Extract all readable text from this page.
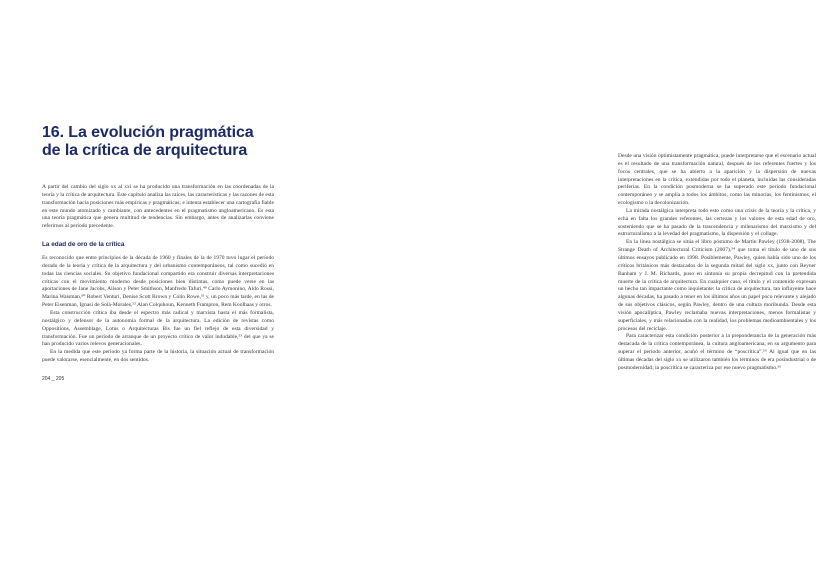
16. La evolución pragmática
de la crítica de arquitectura

A partir del cambio del siglo xx al xxi se ha producido una transformación en las coordenadas de la teoría y la crítica de arquitectura. Este capítulo analiza las raíces, las características y las razones de esta transformación hacia posiciones más empíricas y pragmáticas; e intenta establecer una cartografía fiable en este mundo atomizado y cambiante, con antecedentes en el pragmatismo angloamericano. Es esta una teoría pragmática que genera multitud de tendencias. Sin embargo, antes de analizarlas conviene referirnos al período precedente.

La edad de oro de la crítica

Es reconocido que entre principios de la década de 1960 y finales de la de 1970 tuvo lugar el período dorado de la teoría y crítica de la arquitectura y del urbanismo contemporáneos, tal como sucedió en todas las ciencias sociales. Su objetivo fundacional compartido era construir diversas interpretaciones críticas con el movimiento moderno desde posiciones bien distintas, como puede verse en las aportaciones de Jane Jacobs, Alison y Peter Smithson, Manfredo Tafuri,⁴⁹ Carlo Aymonino, Aldo Rossi, Marina Waisman,⁵⁰ Robert Venturi, Denise Scott Brown y Colin Rowe,⁵¹ y, un poco más tarde, en las de Peter Eisenman, Ignasi de Solà-Morales,⁵² Alan Colquhoun, Kenneth Frampton, Rem Koolhaas y otros.

Esta construcción crítica iba desde el espectro más radical y marxista hasta el más formalista, nostálgico y defensor de la autonomía formal de la arquitectura. La edición de revistas como Oppositions, Assemblage, Lotus o Arquitecturas Bis fue un fiel reflejo de esta diversidad y transformación. Fue un período de arranque de un proyecto crítico de valor indudable,⁵³ del que ya se han producido varios relevos generacionales.

En la medida que este período ya forma parte de la historia, la situación actual de transformación puede valorarse, esencialmente, en dos sentidos.

204 _ 205

Desde una visión optimistamente pragmática, puede interpretarse que el escenario actual es el resultado de una transformación natural, después de los referentes fuertes y los focos centrales, que se ha abierto a la aparición y la dispersión de nuevas interpretaciones en la crítica, extendidas por todo el planeta, incluidas las consideradas periferias. En la condición posmoderna se ha superado este período fundacional contemporáneo y se amplía a todos los ámbitos, como las minorías, los feminismos, el ecologismo o la decolonización.

La mirada nostálgica interpreta todo esto como una crisis de la teoría y la crítica, y echa en falta los grandes referentes, las certezas y los valores de esta edad de oro, sosteniendo que se ha pasado de la trascendencia y milenarismo del marxismo y del estructuralismo a la levedad del pragmatismo, la dispersión y el collage.

En la línea nostálgica se sitúa el libro póstumo de Martin Pawley (1938-2008), The Strange Death of Architectural Criticism (2007),⁵⁴ que toma el título de uno de sus últimos ensayos publicado en 1998. Posiblemente, Pawley, quien había sido uno de los críticos británicos más destacados de la segunda mitad del siglo xx, junto con Reyner Banham y J. M. Richards, puso en sintonía su propia decrepitud con la pretendida muerte de la crítica de arquitectura. En cualquier caso, el título y el contenido expresan un hecho tan impactante como inquietante: la crítica de arquitectura, tan influyente hace algunas décadas, ha pasado a tener en los últimos años un papel poco relevante y alejado de sus objetivos clásicos, según Pawley, dentro de una cultura moribunda. Desde esta visión apocalíptica, Pawley reclamaba nuevas interpretaciones, menos formalistas y superficiales, y más relacionadas con la realidad, los problemas medioambientales y los procesos del reciclaje.

Para caracterizar esta condición posterior a la preponderancia de la generación más destacada de la crítica contemporánea, la cultura angloamericana, en su argumento para superar el período anterior, acuñó el término de “poscrítica”.⁵⁵ Al igual que en las últimas décadas del siglo xx se utilizaron también los términos de era posindustrial o de posmodernidad; la poscrítica se caracteriza por ese nuevo pragmatismo.⁵⁶
